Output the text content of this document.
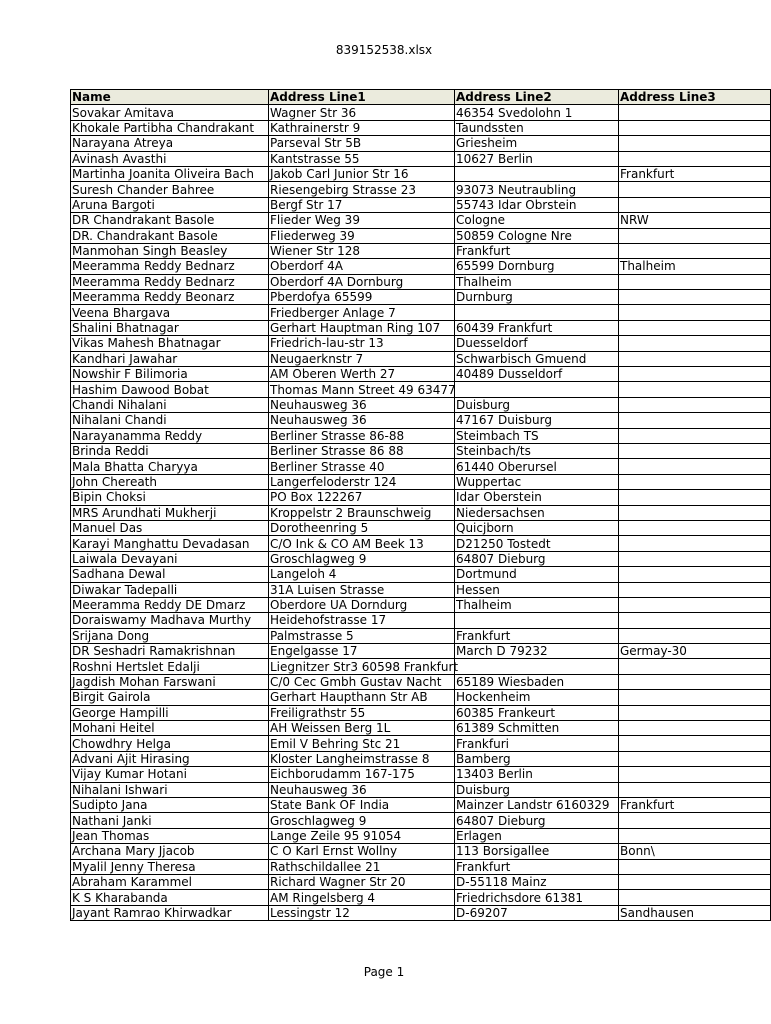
839152538.xlsx
Name	Address Line1	Address Line2	Address Line3
Sovakar Amitava	Wagner Str 36	46354 Svedolohn 1	
Khokale Partibha Chandrakant	Kathrainerstr 9	Taundssten	
Narayana Atreya	Parseval Str 5B	Griesheim	
Avinash Avasthi	Kantstrasse 55	10627 Berlin	
Martinha Joanita Oliveira Bach	Jakob Carl Junior Str 16		Frankfurt
Suresh Chander Bahree	Riesengebirg Strasse 23	93073 Neutraubling	
Aruna Bargoti	Bergf Str 17	55743 Idar Obrstein	
DR Chandrakant Basole	Flieder Weg 39	Cologne	NRW
DR. Chandrakant Basole	Fliederweg 39	50859 Cologne Nre	
Manmohan Singh Beasley	Wiener Str 128	Frankfurt	
Meeramma Reddy Bednarz	Oberdorf 4A	65599 Dornburg	Thalheim
Meeramma Reddy Bednarz	Oberdorf 4A Dornburg	Thalheim	
Meeramma Reddy Beonarz	Pberdofya 65599	Durnburg	
Veena Bhargava	Friedberger Anlage 7		
Shalini Bhatnagar	Gerhart Hauptman Ring 107	60439 Frankfurt	
Vikas Mahesh Bhatnagar	Friedrich-lau-str 13	Duesseldorf	
Kandhari Jawahar	Neugaerknstr 7	Schwarbisch Gmuend	
Nowshir F Bilimoria	AM Oberen Werth 27	40489 Dusseldorf	
Hashim Dawood Bobat	Thomas Mann Street 49 63477		
Chandi Nihalani	Neuhausweg 36	Duisburg	
Nihalani Chandi	Neuhausweg 36	47167 Duisburg	
Narayanamma Reddy	Berliner Strasse 86-88	Steimbach TS	
Brinda Reddi	Berliner Strasse 86 88	Steinbach/ts	
Mala Bhatta Charyya	Berliner Strasse 40	61440 Oberursel	
John Chereath	Langerfeloderstr 124	Wuppertac	
Bipin Choksi	PO Box 122267	Idar Oberstein	
MRS Arundhati Mukherji	Kroppelstr 2 Braunschweig	Niedersachsen	
Manuel Das	Dorotheenring 5	Quicjborn	
Karayi Manghattu Devadasan	C/O Ink & CO AM Beek 13	D21250 Tostedt	
Laiwala Devayani	Groschlagweg 9	64807 Dieburg	
Sadhana Dewal	Langeloh 4	Dortmund	
Diwakar Tadepalli	31A Luisen Strasse	Hessen	
Meeramma Reddy DE Dmarz	Oberdore UA Dorndurg	Thalheim	
Doraiswamy Madhava Murthy	Heidehofstrasse 17		
Srijana Dong	Palmstrasse 5	Frankfurt	
DR Seshadri Ramakrishnan	Engelgasse 17	March D 79232	Germay-30
Roshni Hertslet Edalji	Liegnitzer Str3 60598 Frankfurt		
Jagdish Mohan Farswani	C/0 Cec Gmbh Gustav Nacht	65189 Wiesbaden	
Birgit Gairola	Gerhart Haupthann Str AB	Hockenheim	
George Hampilli	Freiligrathstr 55	60385 Frankeurt	
Mohani Heitel	AH Weissen Berg 1L	61389 Schmitten	
Chowdhry Helga	Emil V Behring Stc 21	Frankfuri	
Advani Ajit Hirasing	Kloster Langheimstrasse 8	Bamberg	
Vijay Kumar Hotani	Eichborudamm 167-175	13403 Berlin	
Nihalani Ishwari	Neuhausweg 36	Duisburg	
Sudipto Jana	State Bank OF India	Mainzer Landstr 6160329	Frankfurt
Nathani Janki	Groschlagweg 9	64807 Dieburg	
Jean Thomas	Lange Zeile 95 91054	Erlagen	
Archana Mary Jjacob	C O Karl Ernst Wollny	113 Borsigallee	Bonn\
Myalil Jenny Theresa	Rathschildallee 21	Frankfurt	
Abraham Karammel	Richard Wagner Str 20	D-55118 Mainz	
K S Kharabanda	AM Ringelsberg 4	Friedrichsdore 61381	
Jayant Ramrao Khirwadkar	Lessingstr 12	D-69207	Sandhausen
Page 1
